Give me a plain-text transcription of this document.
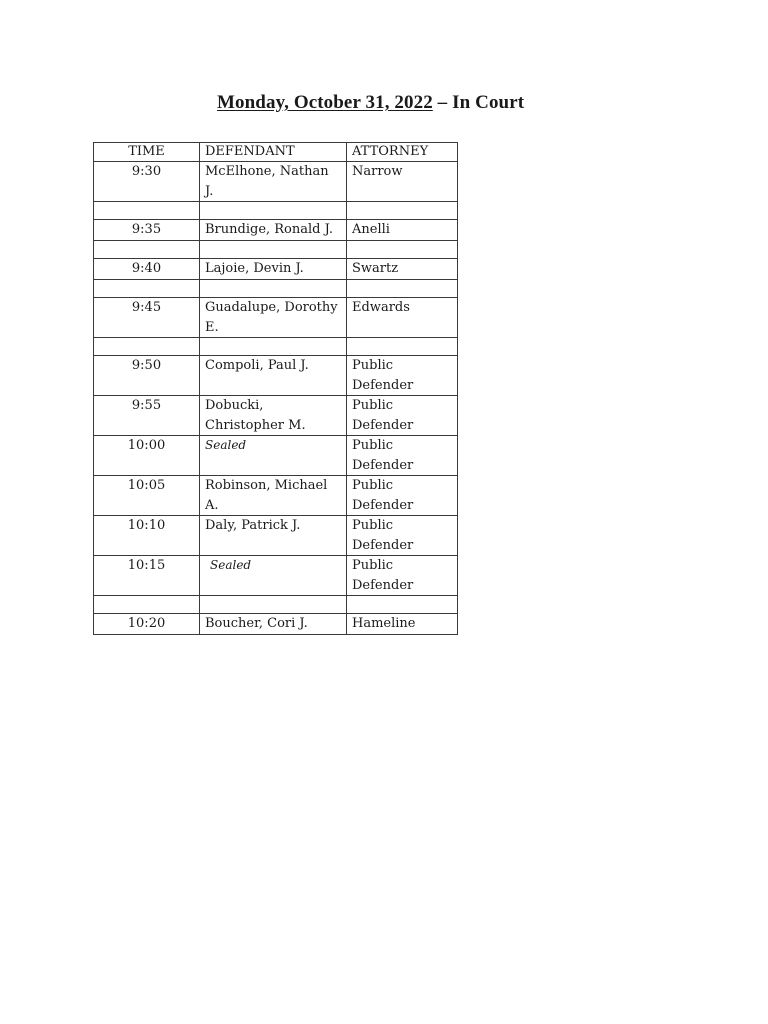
Monday, October 31, 2022 – In Court
TIME	DEFENDANT	ATTORNEY
9:30	McElhone, Nathan J.	Narrow

9:35	Brundige, Ronald J.	Anelli

9:40	Lajoie, Devin J.	Swartz

9:45	Guadalupe, Dorothy E.	Edwards

9:50	Compoli, Paul J.	Public Defender
9:55	Dobucki, Christopher M.	Public Defender
10:00	Sealed	Public Defender
10:05	Robinson, Michael A.	Public Defender
10:10	Daly, Patrick J.	Public Defender
10:15	Sealed	Public Defender

10:20	Boucher, Cori J.	Hameline
